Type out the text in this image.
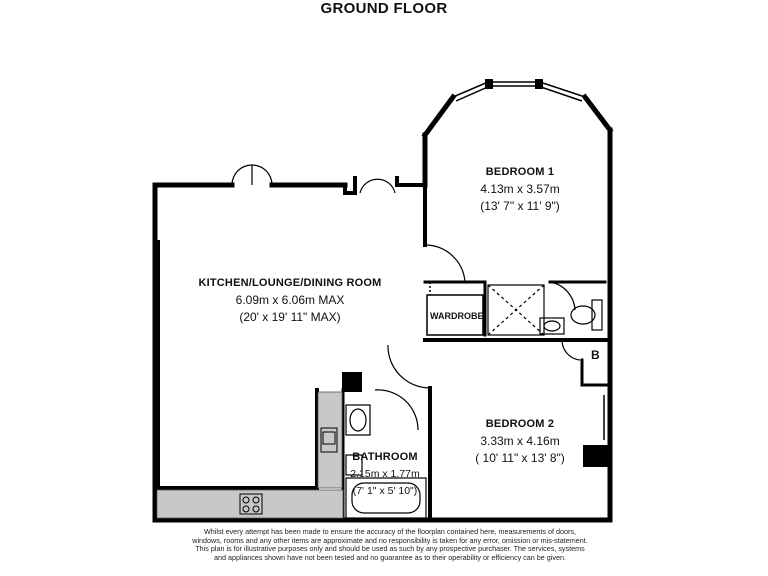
GROUND FLOOR
KITCHEN/LOUNGE/DINING ROOM
6.09m x 6.06m MAX
(20' x 19' 11" MAX)
BEDROOM 1
4.13m x 3.57m
(13' 7" x 11' 9")
BEDROOM 2
3.33m x 4.16m
( 10' 11" x 13' 8")
BATHROOM
2.15m x 1.77m
(7' 1" x 5' 10")
WARDROBE
B
Whilst every attempt has been made to ensure the accuracy of the floorplan contained here, measurements of doors, windows, rooms and any other items are approximate and no responsibility is taken for any error, omission or mis-statement. This plan is for illustrative purposes only and should be used as such by any prospective purchaser. The services, systems and appliances shown have not been tested and no guarantee as to their operability or efficiency can be given.
